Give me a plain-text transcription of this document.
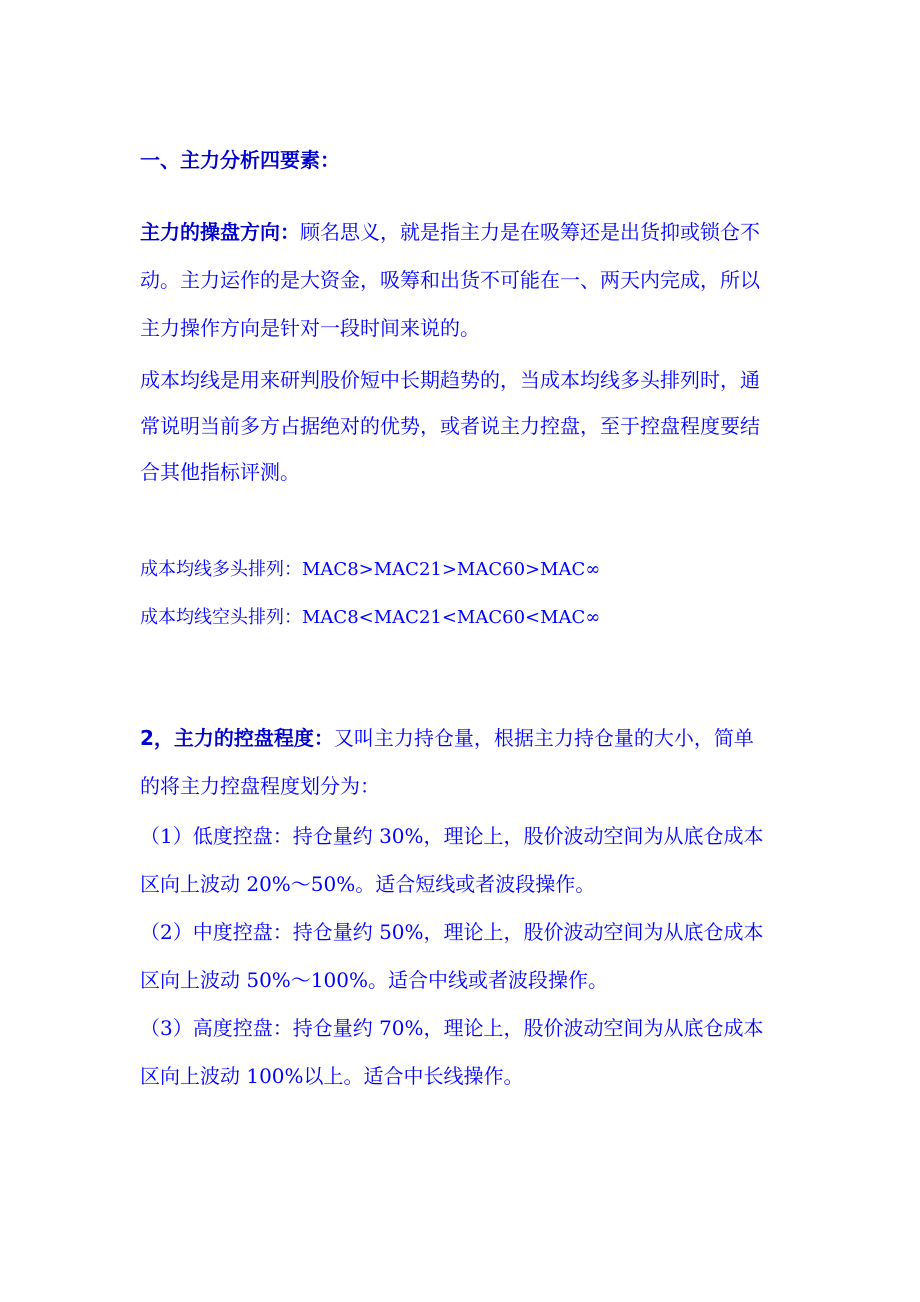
一、主力分析四要素：
主力的操盘方向：顾名思义，就是指主力是在吸筹还是出货抑或锁仓不
动。主力运作的是大资金，吸筹和出货不可能在一、两天内完成，所以
主力操作方向是针对一段时间来说的。
成本均线是用来研判股价短中长期趋势的，当成本均线多头排列时，通
常说明当前多方占据绝对的优势，或者说主力控盘，至于控盘程度要结
合其他指标评测。
成本均线多头排列：MAC8>MAC21>MAC60>MAC∞
成本均线空头排列：MAC8<MAC21<MAC60<MAC∞
2，主力的控盘程度：又叫主力持仓量，根据主力持仓量的大小，简单
的将主力控盘程度划分为：
（1）低度控盘：持仓量约 30%，理论上，股价波动空间为从底仓成本
区向上波动 20%～50%。适合短线或者波段操作。
（2）中度控盘：持仓量约 50%，理论上，股价波动空间为从底仓成本
区向上波动 50%～100%。适合中线或者波段操作。
（3）高度控盘：持仓量约 70%，理论上，股价波动空间为从底仓成本
区向上波动 100%以上。适合中长线操作。
